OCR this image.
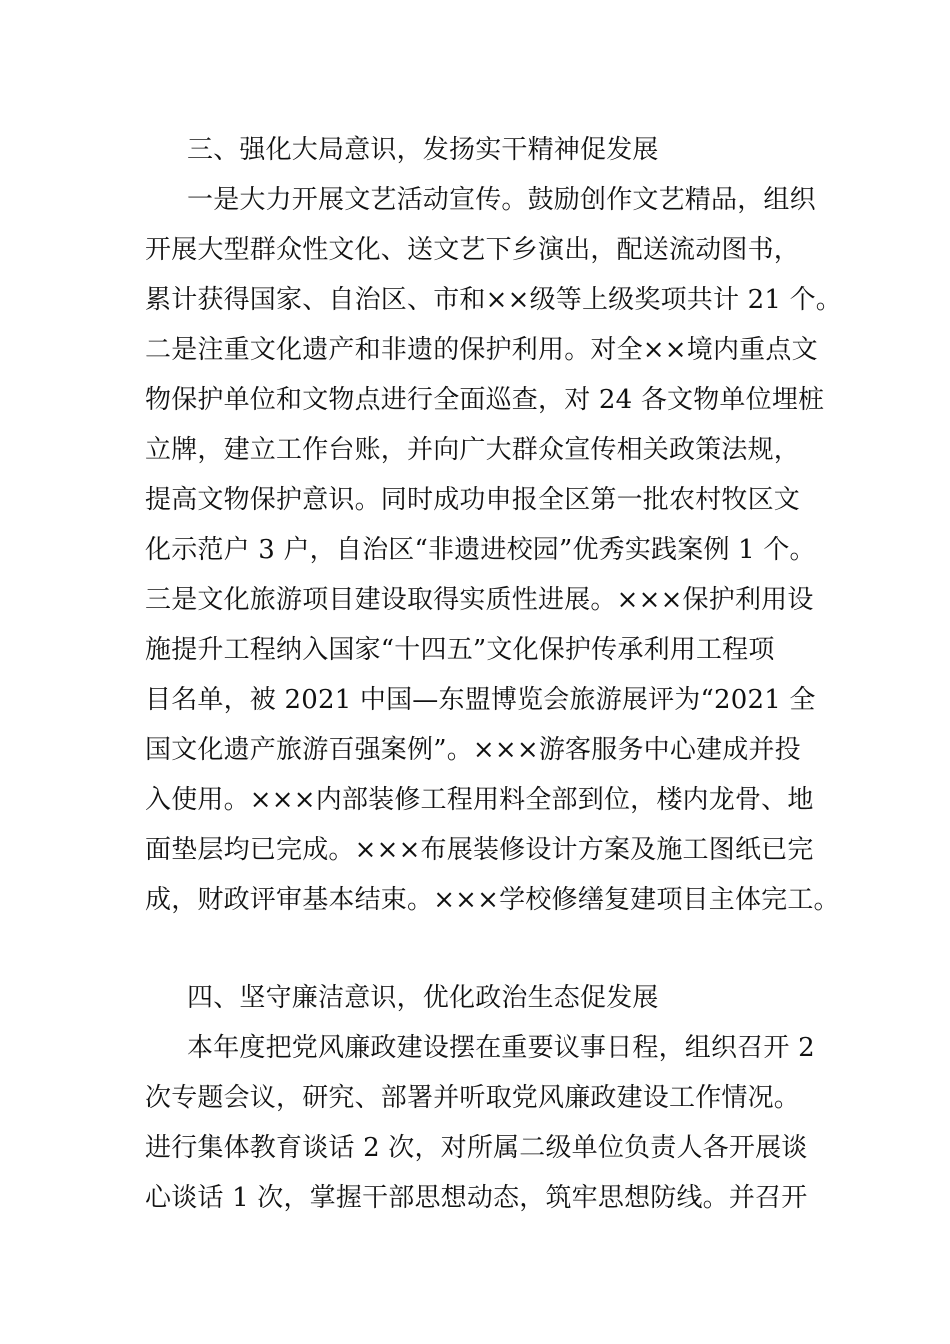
三、强化大局意识，发扬实干精神促发展
一是大力开展文艺活动宣传。鼓励创作文艺精品，组织
开展大型群众性文化、送文艺下乡演出，配送流动图书，
累计获得国家、自治区、市和××级等上级奖项共计 21 个。
二是注重文化遗产和非遗的保护利用。对全××境内重点文
物保护单位和文物点进行全面巡查，对 24 各文物单位埋桩
立牌，建立工作台账，并向广大群众宣传相关政策法规，
提高文物保护意识。同时成功申报全区第一批农村牧区文
化示范户 3 户，自治区“非遗进校园”优秀实践案例 1 个。
三是文化旅游项目建设取得实质性进展。×××保护利用设
施提升工程纳入国家“十四五”文化保护传承利用工程项
目名单，被 2021 中国—东盟博览会旅游展评为“2021 全
国文化遗产旅游百强案例”。×××游客服务中心建成并投
入使用。×××内部装修工程用料全部到位，楼内龙骨、地
面垫层均已完成。×××布展装修设计方案及施工图纸已完
成，财政评审基本结束。×××学校修缮复建项目主体完工。
四、坚守廉洁意识，优化政治生态促发展
本年度把党风廉政建设摆在重要议事日程，组织召开 2
次专题会议，研究、部署并听取党风廉政建设工作情况。
进行集体教育谈话 2 次，对所属二级单位负责人各开展谈
心谈话 1 次，掌握干部思想动态，筑牢思想防线。并召开
